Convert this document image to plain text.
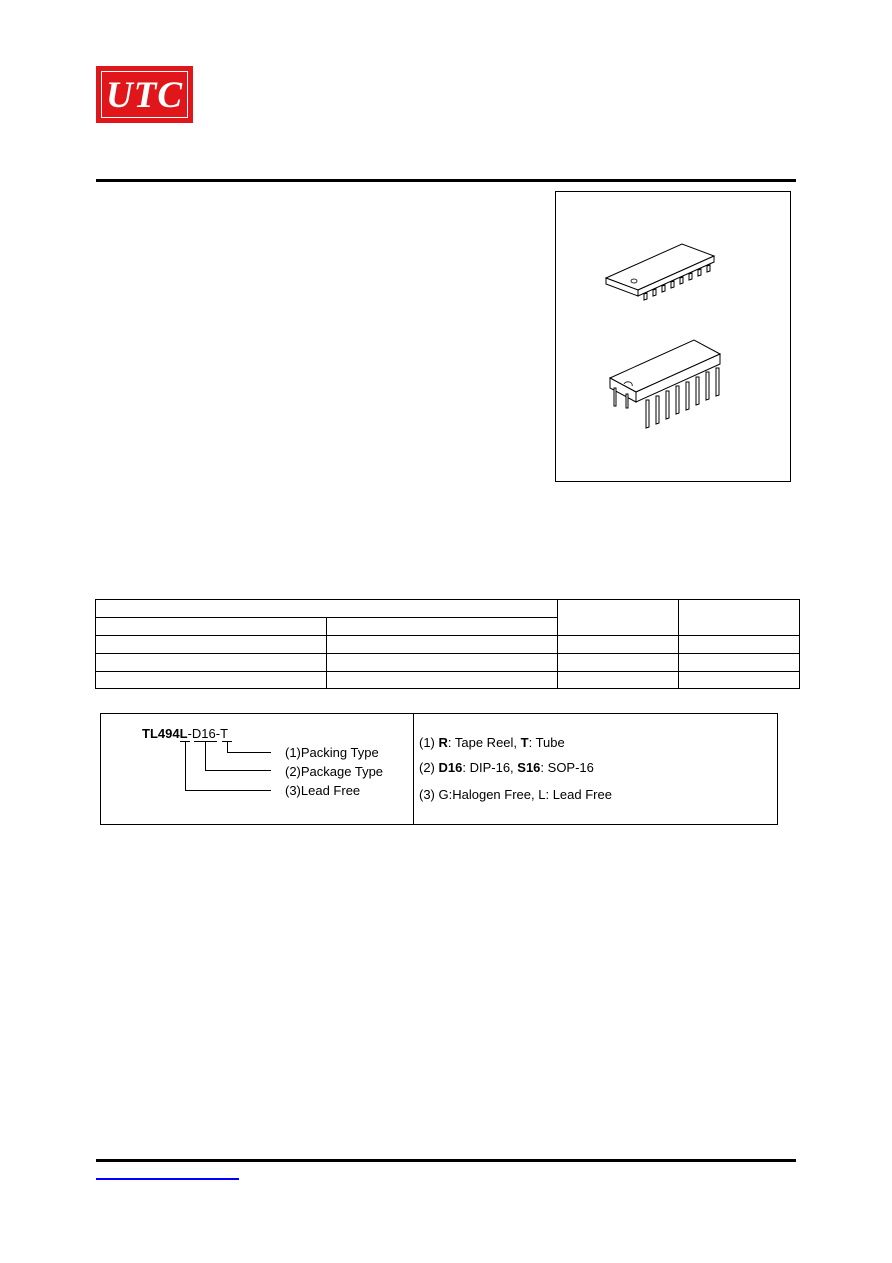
UTC

TL494L-D16-T
(1)Packing Type
(2)Package Type
(3)Lead Free
(1) R: Tape Reel, T: Tube
(2) D16: DIP-16, S16: SOP-16
(3) G:Halogen Free, L: Lead Free
